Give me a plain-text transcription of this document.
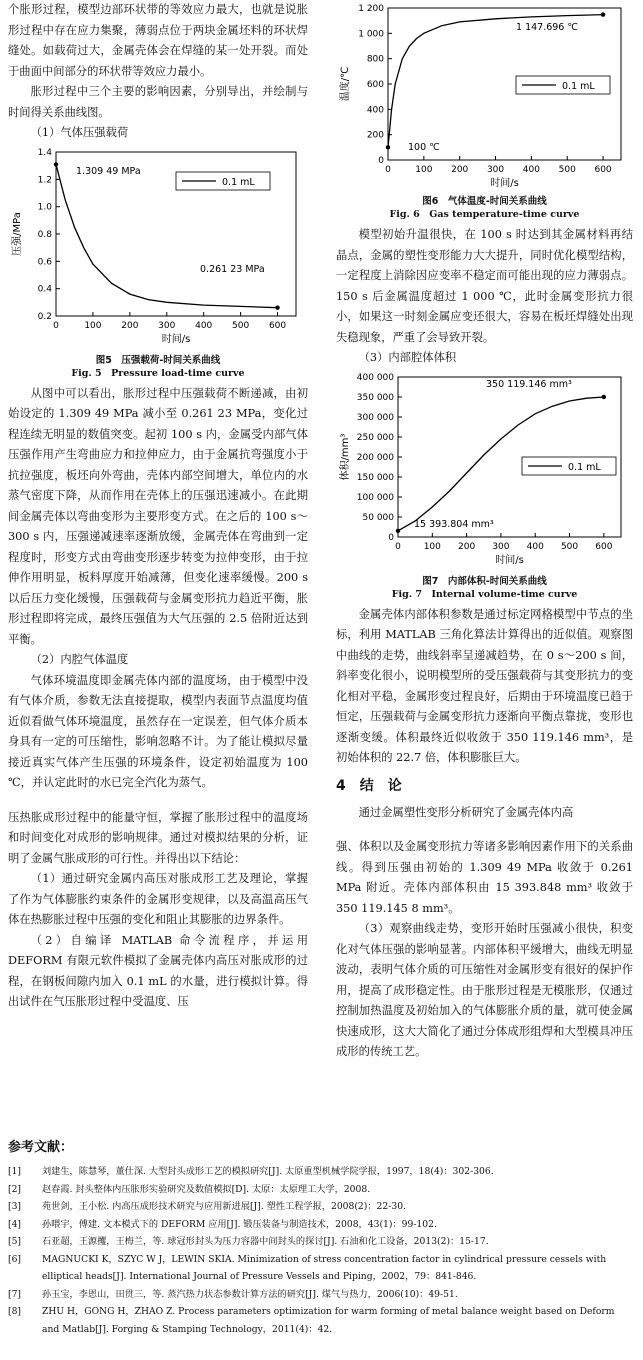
个胀形过程，模型边部环状带的等效应力最大，也就是说胀形过程中存在应力集聚，薄弱点位于两块金属坯料的环状焊缝处。如载荷过大，金属壳体会在焊缝的某一处开裂。而处于曲面中间部分的环状带等效应力最小。

胀形过程中三个主要的影响因素，分别导出，并绘制与时间得关系曲线图。

（1）气体压强载荷

0	100 200 300 400 500 600
0.2
0.4
0.6
0.8
1.0
1.2
1.4
时间/s
压强/MPa
0.1 mL
1.309 49 MPa
0.261 23 MPa
图5　压强载荷-时间关系曲线
Fig. 5　Pressure load-time curve

从图中可以看出，胀形过程中压强载荷不断递减，由初始设定的 1.309 49 MPa 减小至 0.261 23 MPa，变化过程连续无明显的数值突变。起初 100 s 内，金属受内部气体压强作用产生弯曲应力和拉伸应力，由于金属抗弯强度小于抗拉强度，板坯向外弯曲，壳体内部空间增大，单位内的水蒸气密度下降，从而作用在壳体上的压强迅速减小。在此期间金属壳体以弯曲变形为主要形变方式。在之后的 100 s～300 s 内，压强递减速率逐渐放缓，金属壳体在弯曲到一定程度时，形变方式由弯曲变形逐步转变为拉伸变形，由于拉伸作用明显，板料厚度开始减薄，但变化速率缓慢。200 s 以后压力变化缓慢，压强载荷与金属变形抗力趋近平衡，胀形过程即将完成，最终压强值为大气压强的 2.5 倍附近达到平衡。

（2）内腔气体温度

气体环境温度即金属壳体内部的温度场，由于模型中没有气体介质，参数无法直接提取，模型内表面节点温度均值近似看做气体环境温度，虽然存在一定误差，但气体介质本身具有一定的可压缩性，影响忽略不计。为了能让模拟尽量接近真实气体产生压强的环境条件，设定初始温度为 100 ℃，并认定此时的水已完全汽化为蒸气。

压热胀成形过程中的能量守恒，掌握了胀形过程中的温度场和时间变化对成形的影响规律。通过对模拟结果的分析，证明了金属气胀成形的可行性。并得出以下结论：

（1）通过研究金属内高压对胀成形工艺及理论，掌握了作为气体膨胀约束条件的金属形变规律，以及高温高压气体在热膨胀过程中压强的变化和阻止其膨胀的边界条件。

（2）自编译 MATLAB 命令流程序，并运用 DEFORM 有限元软件模拟了金属壳体内高压对胀成形的过程，在钢板间隙内加入 0.1 mL 的水量，进行模拟计算。得出试件在气压胀形过程中受温度、压

0	100 200 300 400 500 600
0
200
400
600
800
1 000
1 200
时间/s
温度/℃	0.1 mL
1 147.696 ℃
100 ℃
图6　气体温度-时间关系曲线
Fig. 6　Gas temperature-time curve

模型初始升温很快，在 100 s 时达到其金属材料再结晶点，金属的塑性变形能力大大提升，同时优化模型结构，一定程度上消除因应变率不稳定而可能出现的应力薄弱点。150 s 后金属温度超过 1 000 ℃，此时金属变形抗力很小，如果这一时刻金属应变还很大，容易在板坯焊缝处出现失稳现象，严重了会导致开裂。

（3）内部腔体体积

0	100 200 300 400 500 600
0
50 000
100 000
150 000
200 000
250 000
300 000
350 000
400 000
时间/s
体积/mm³	0.1 mL
350 119.146 mm³
15 393.804 mm³
图7　内部体积-时间关系曲线
Fig. 7　Internal volume-time curve

金属壳体内部体积参数是通过标定网格模型中节点的坐标，利用 MATLAB 三角化算法计算得出的近似值。观察图中曲线的走势，曲线斜率呈递减趋势，在 0 s～200 s 间，斜率变化很小，说明模型所的受压强载荷与其变形抗力的变化相对平稳，金属形变过程良好，后期由于环境温度已趋于恒定，压强载荷与金属变形抗力逐渐向平衡点靠拢，变形也逐渐变缓。体积最终近似收敛于 350 119.146 mm³，是初始体积的 22.7 倍，体积膨胀巨大。

4　结　论

通过金属塑性变形分析研究了金属壳体内高

强、体积以及金属变形抗力等诸多影响因素作用下的关系曲线。得到压强由初始的 1.309 49 MPa 收敛于 0.261 MPa 附近。壳体内部体积由 15 393.848 mm³ 收敛于 350 119.145 8 mm³。

（3）观察曲线走势，变形开始时压强减小很快，积变化对气体压强的影响显著。内部体积平缓增大，曲线无明显波动，表明气体介质的可压缩性对金属形变有很好的保护作用，提高了成形稳定性。由于胀形过程是无模胀形，仅通过控制加热温度及初始加入的气体膨胀介质的量，就可使金属快速成形，这大大简化了通过分体成形组焊和大型模具冲压成形的传统工艺。

参考文献：
[1]	刘建生，陈慧琴，董仕深. 大型封头成形工艺的模拟研究[J]. 太原重型机械学院学报，1997，18(4)：302-306.
[2]	赵春霞. 封头整体内压胀形实验研究及数值模拟[D]. 太原：太原理工大学，2008.
[3]	苑世剑，王小松. 内高压成形技术研究与应用新进展[J]. 塑性工程学报，2008(2)：22-30.
[4]	孙喂宇，傅建. 文本模式下的 DEFORM 应用[J]. 锻压装备与制造技术，2008，43(1)：99-102.
[5]	石亚超，王源攫，王梅兰，等. 球冠形封头为压力容器中间封头的探讨[J]. 石油和化工设备，2013(2)：15-17.
[6]	MAGNUCKI K，SZYC W J，LEWIN SKIA. Minimization of stress concentration factor in cylindrical pressure cessels with elliptical heads[J]. International Journal of Pressure Vessels and Piping，2002，79：841-846.
[7]	孙玉宝，李恩山，田贯三，等. 蒸汽热力状态参数计算方法的研究[J]. 煤气与热力，2006(10)：49-51.
[8]	ZHU H，GONG H，ZHAO Z. Process parameters optimization for warm forming of metal balance weight based on Deform and Matlab[J]. Forging & Stamping Technology，2011(4)：42.
